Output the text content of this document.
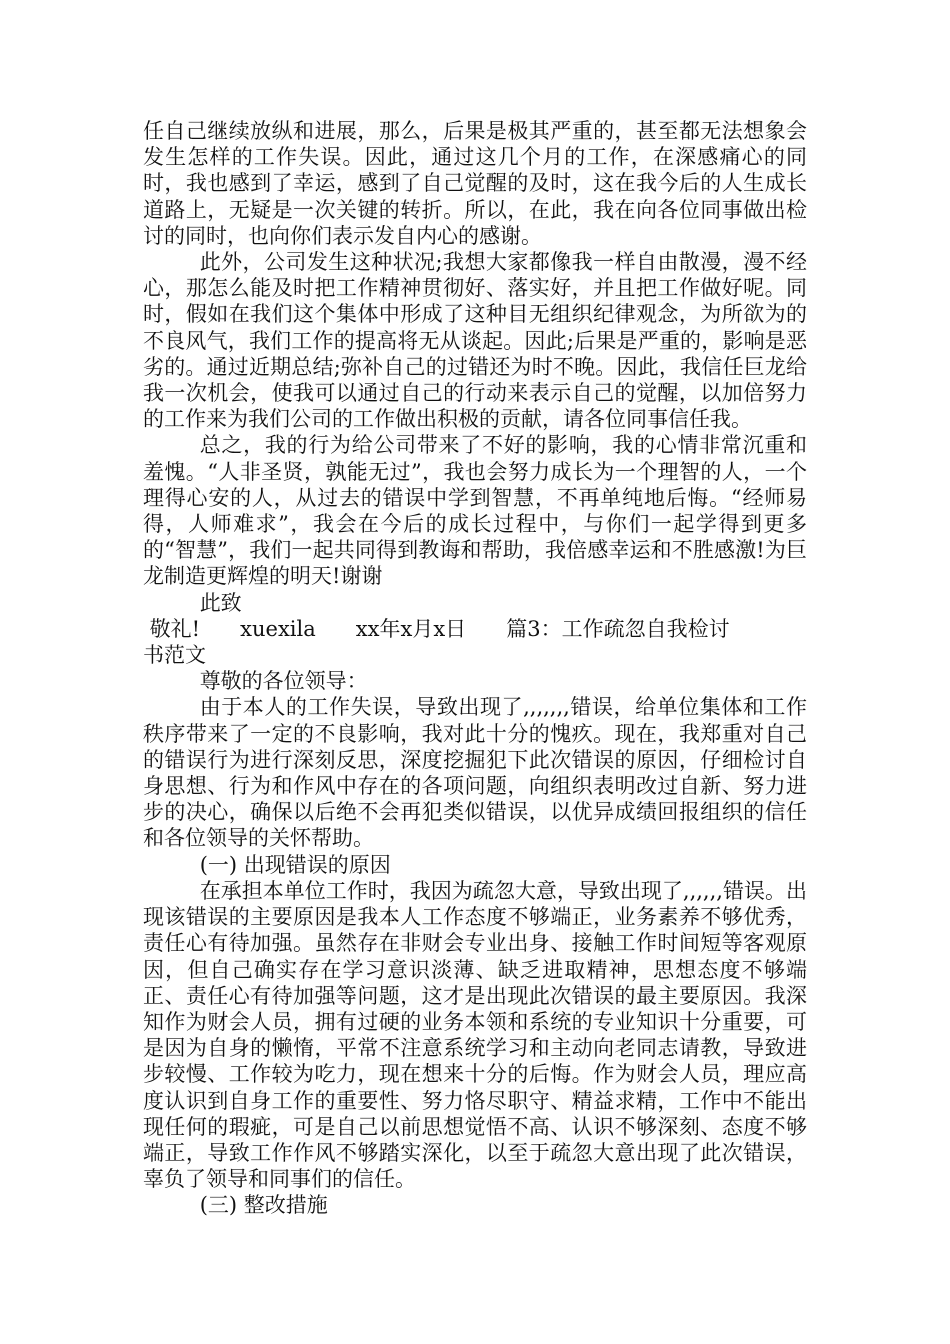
任自己继续放纵和进展，那么，后果是极其严重的，甚至都无法想象会发生怎样的工作失误。因此，通过这几个月的工作，在深感痛心的同时，我也感到了幸运，感到了自己觉醒的及时，这在我今后的人生成长道路上，无疑是一次关键的转折。所以，在此，我在向各位同事做出检讨的同时，也向你们表示发自内心的感谢。

此外，公司发生这种状况;我想大家都像我一样自由散漫，漫不经心，那怎么能及时把工作精神贯彻好、落实好，并且把工作做好呢。同时，假如在我们这个集体中形成了这种目无组织纪律观念，为所欲为的不良风气，我们工作的提高将无从谈起。因此;后果是严重的，影响是恶劣的。通过近期总结;弥补自己的过错还为时不晚。因此，我信任巨龙给我一次机会，使我可以通过自己的行动来表示自己的觉醒，以加倍努力的工作来为我们公司的工作做出积极的贡献，请各位同事信任我。

总之，我的行为给公司带来了不好的影响，我的心情非常沉重和羞愧。“人非圣贤，孰能无过”，我也会努力成长为一个理智的人，一个理得心安的人，从过去的错误中学到智慧，不再单纯地后悔。“经师易得，人师难求”，我会在今后的成长过程中，与你们一起学得到更多的“智慧”，我们一起共同得到教诲和帮助，我倍感幸运和不胜感激!为巨龙制造更辉煌的明天!谢谢

此致

敬礼!      xuexila      xx年x月x日      篇3：工作疏忽自我检讨
书范文

尊敬的各位领导：

由于本人的工作失误，导致出现了,,,,,,,错误，给单位集体和工作秩序带来了一定的不良影响，我对此十分的愧疚。现在，我郑重对自己的错误行为进行深刻反思，深度挖掘犯下此次错误的原因，仔细检讨自身思想、行为和作风中存在的各项问题，向组织表明改过自新、努力进步的决心，确保以后绝不会再犯类似错误，以优异成绩回报组织的信任和各位领导的关怀帮助。

(一) 出现错误的原因

在承担本单位工作时，我因为疏忽大意，导致出现了,,,,,,错误。出现该错误的主要原因是我本人工作态度不够端正，业务素养不够优秀，责任心有待加强。虽然存在非财会专业出身、接触工作时间短等客观原因，但自己确实存在学习意识淡薄、缺乏进取精神，思想态度不够端正、责任心有待加强等问题，这才是出现此次错误的最主要原因。我深知作为财会人员，拥有过硬的业务本领和系统的专业知识十分重要，可是因为自身的懒惰，平常不注意系统学习和主动向老同志请教，导致进步较慢、工作较为吃力，现在想来十分的后悔。作为财会人员，理应高度认识到自身工作的重要性、努力恪尽职守、精益求精，工作中不能出现任何的瑕疵，可是自己以前思想觉悟不高、认识不够深刻、态度不够端正，导致工作作风不够踏实深化，以至于疏忽大意出现了此次错误，辜负了领导和同事们的信任。

(三) 整改措施
